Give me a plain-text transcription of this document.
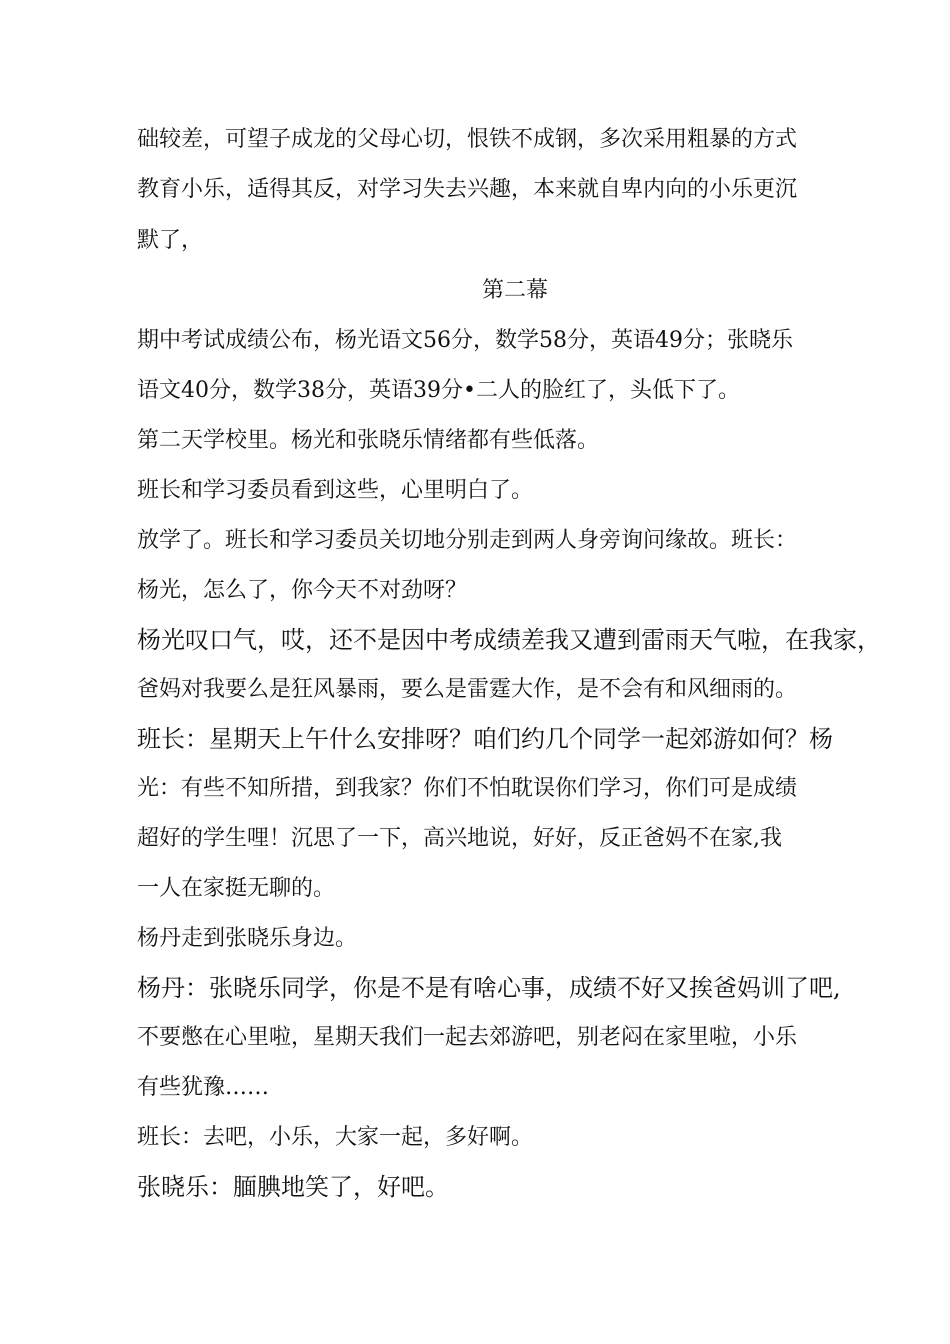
础较差，可望子成龙的父母心切，恨铁不成钢，多次采用粗暴的方式
教育小乐，适得其反，对学习失去兴趣，本来就自卑内向的小乐更沉
默了，
第二幕
期中考试成绩公布，杨光语文56分，数学58分，英语49分；张晓乐
语文40分，数学38分，英语39分•二人的脸红了，头低下了。
第二天学校里。杨光和张晓乐情绪都有些低落。
班长和学习委员看到这些，心里明白了。
放学了。班长和学习委员关切地分别走到两人身旁询问缘故。班长：
杨光，怎么了，你今天不对劲呀？
杨光叹口气，哎，还不是因中考成绩差我又遭到雷雨天气啦，在我家，
爸妈对我要么是狂风暴雨，要么是雷霆大作，是不会有和风细雨的。
班长：星期天上午什么安排呀？咱们约几个同学一起郊游如何？杨
光：有些不知所措，到我家？你们不怕耽误你们学习，你们可是成绩
超好的学生哩！沉思了一下，高兴地说，好好，反正爸妈不在家,我
一人在家挺无聊的。
杨丹走到张晓乐身边。
杨丹：张晓乐同学，你是不是有啥心事，成绩不好又挨爸妈训了吧,
不要憋在心里啦，星期天我们一起去郊游吧，别老闷在家里啦，小乐
有些犹豫……
班长：去吧，小乐，大家一起，多好啊。
张晓乐：腼腆地笑了，好吧。
